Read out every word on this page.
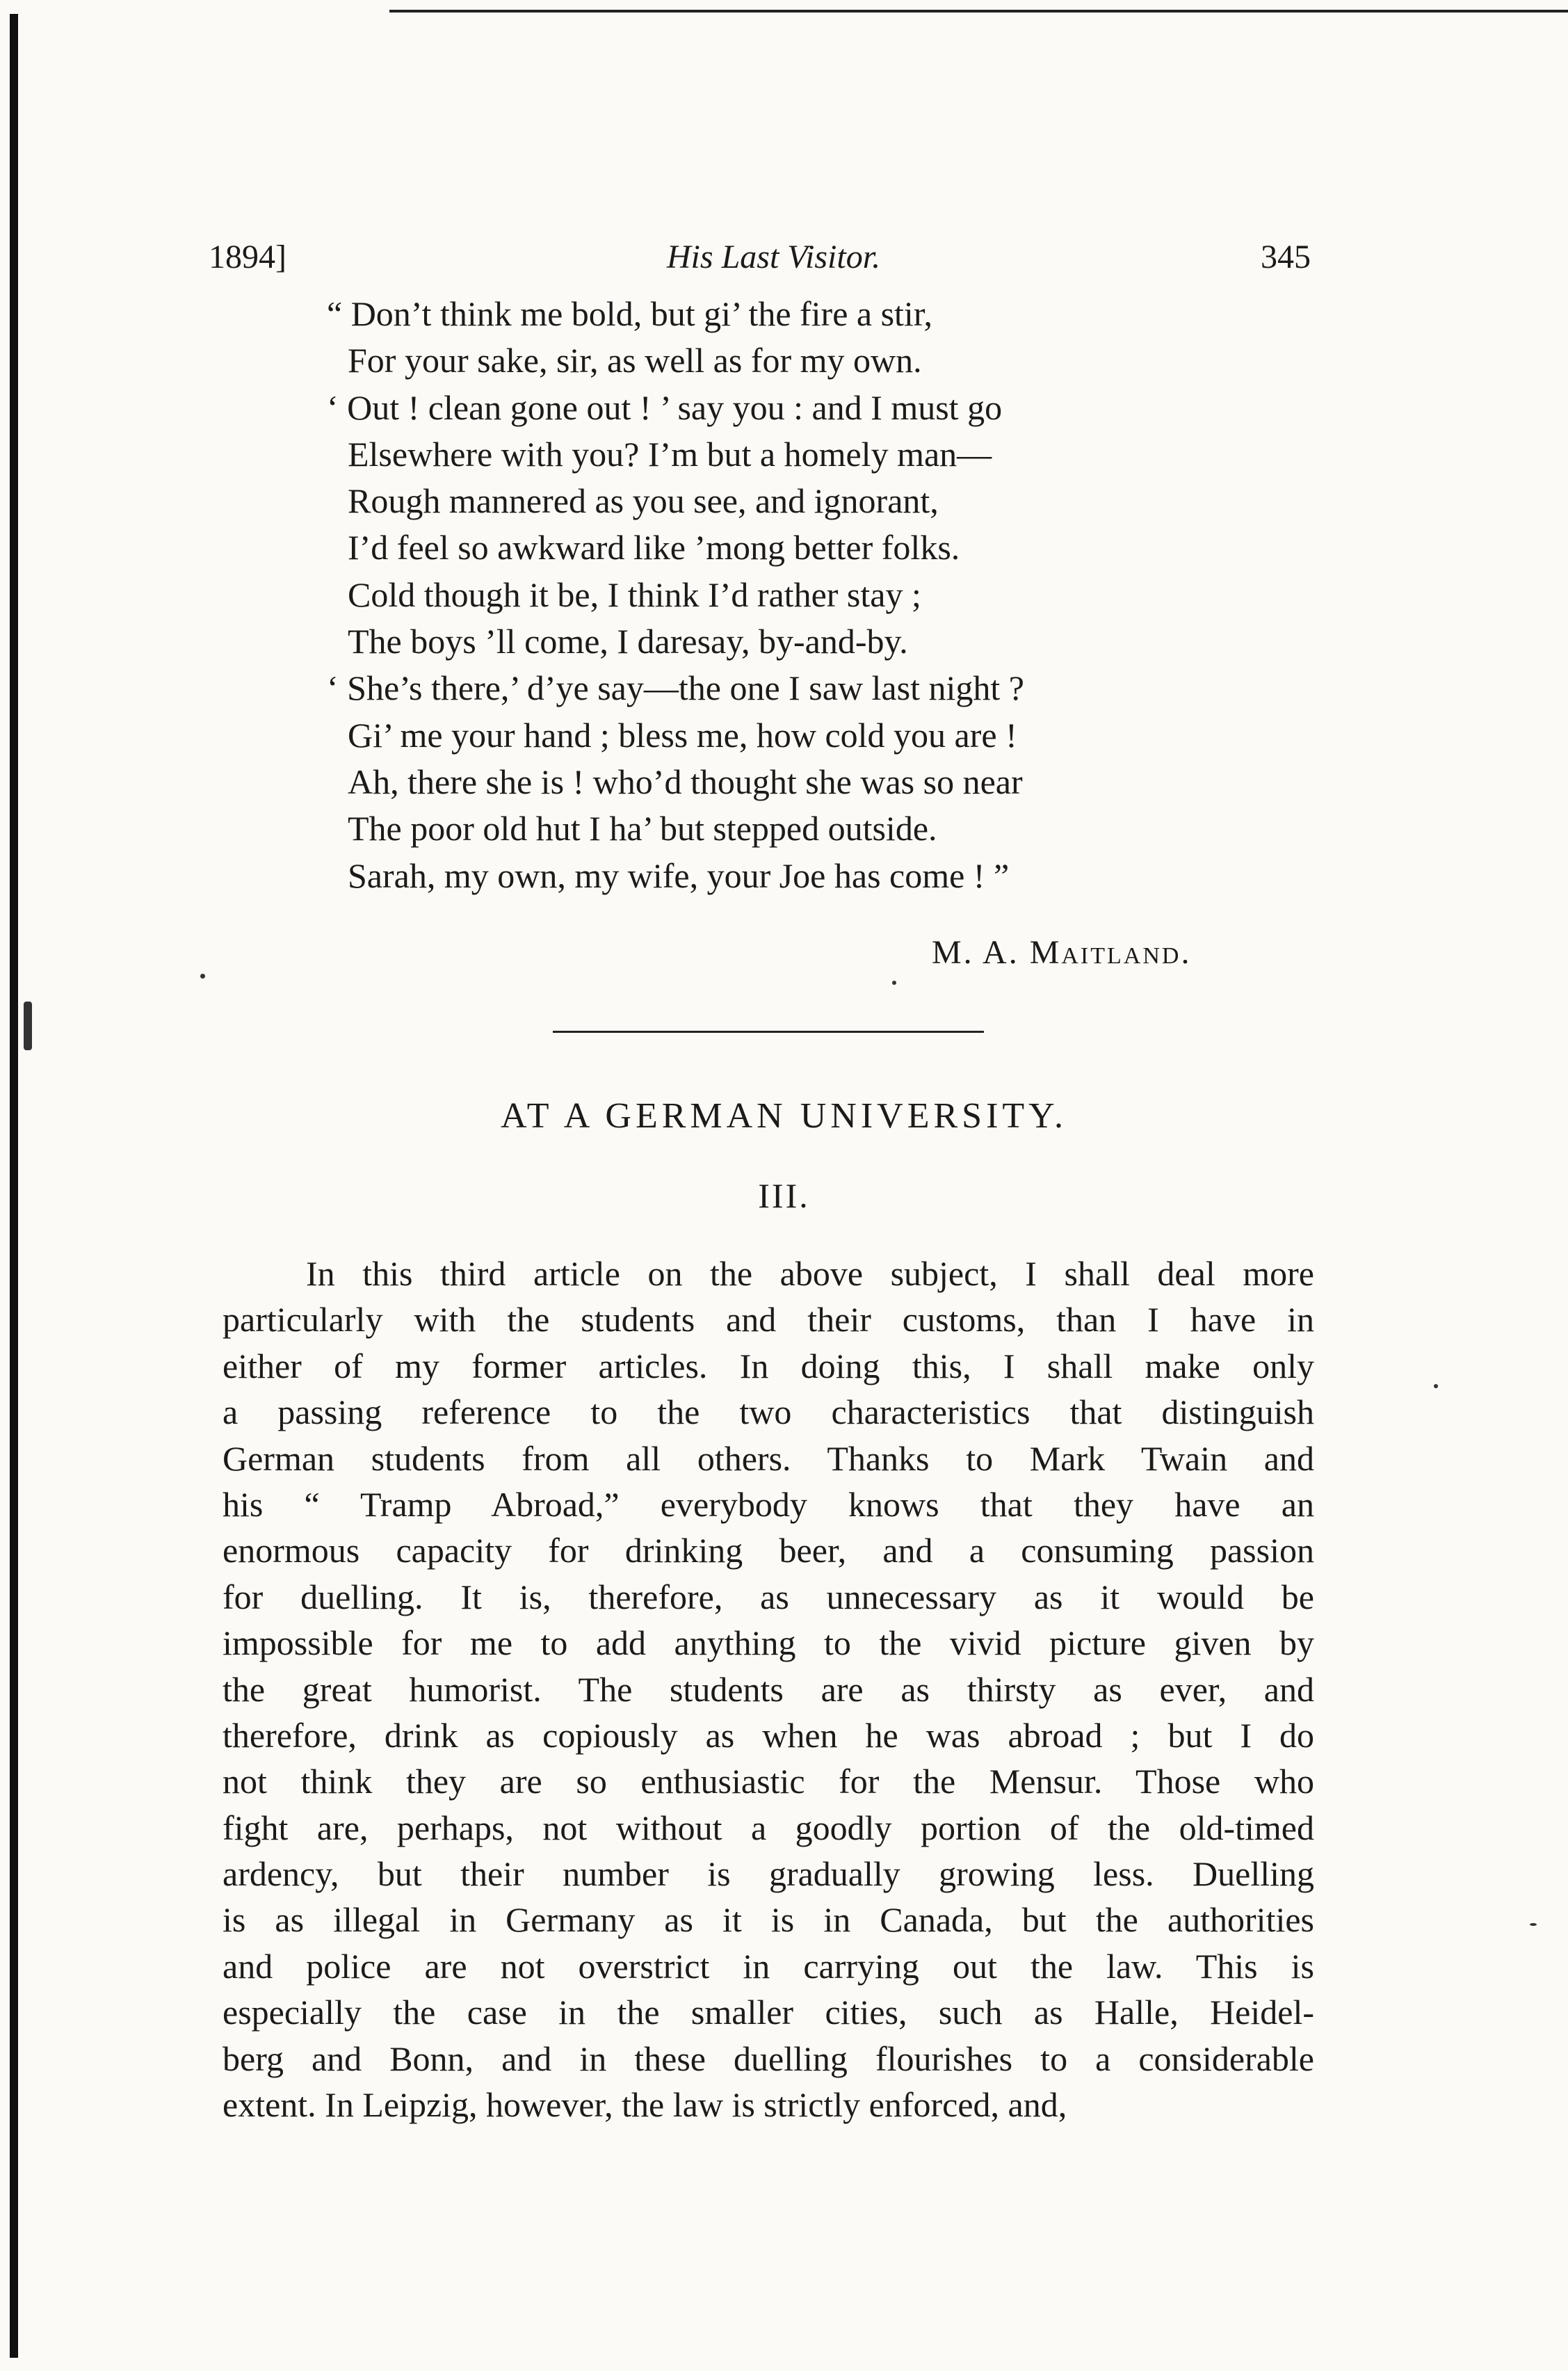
1894]	His Last Visitor.	345
“ Don’t think me bold, but gi’ the fire a stir,
For your sake, sir, as well as for my own.
‘ Out ! clean gone out ! ’ say you : and I must go
Elsewhere with you? I’m but a homely man—
Rough mannered as you see, and ignorant,
I’d feel so awkward like ’mong better folks.
Cold though it be, I think I’d rather stay ;
The boys ’ll come, I daresay, by-and-by.
‘ She’s there,’ d’ye say—the one I saw last night ?
Gi’ me your hand ; bless me, how cold you are !
Ah, there she is ! who’d thought she was so near
The poor old hut I ha’ but stepped outside.
Sarah, my own, my wife, your Joe has come ! ”
M. A. Maitland.
AT A GERMAN UNIVERSITY.
III.
In this third article on the above subject, I shall deal more
particularly with the students and their customs, than I have in
either of my former articles. In doing this, I shall make only
a passing reference to the two characteristics that distinguish
German students from all others. Thanks to Mark Twain and
his “ Tramp Abroad,” everybody knows that they have an
enormous capacity for drinking beer, and a consuming passion
for duelling. It is, therefore, as unnecessary as it would be
impossible for me to add anything to the vivid picture given by
the great humorist. The students are as thirsty as ever, and
therefore, drink as copiously as when he was abroad ; but I do
not think they are so enthusiastic for the Mensur. Those who
fight are, perhaps, not without a goodly portion of the old-timed
ardency, but their number is gradually growing less. Duelling
is as illegal in Germany as it is in Canada, but the authorities
and police are not overstrict in carrying out the law. This is
especially the case in the smaller cities, such as Halle, Heidel-
berg and Bonn, and in these duelling flourishes to a considerable
extent. In Leipzig, however, the law is strictly enforced, and,
